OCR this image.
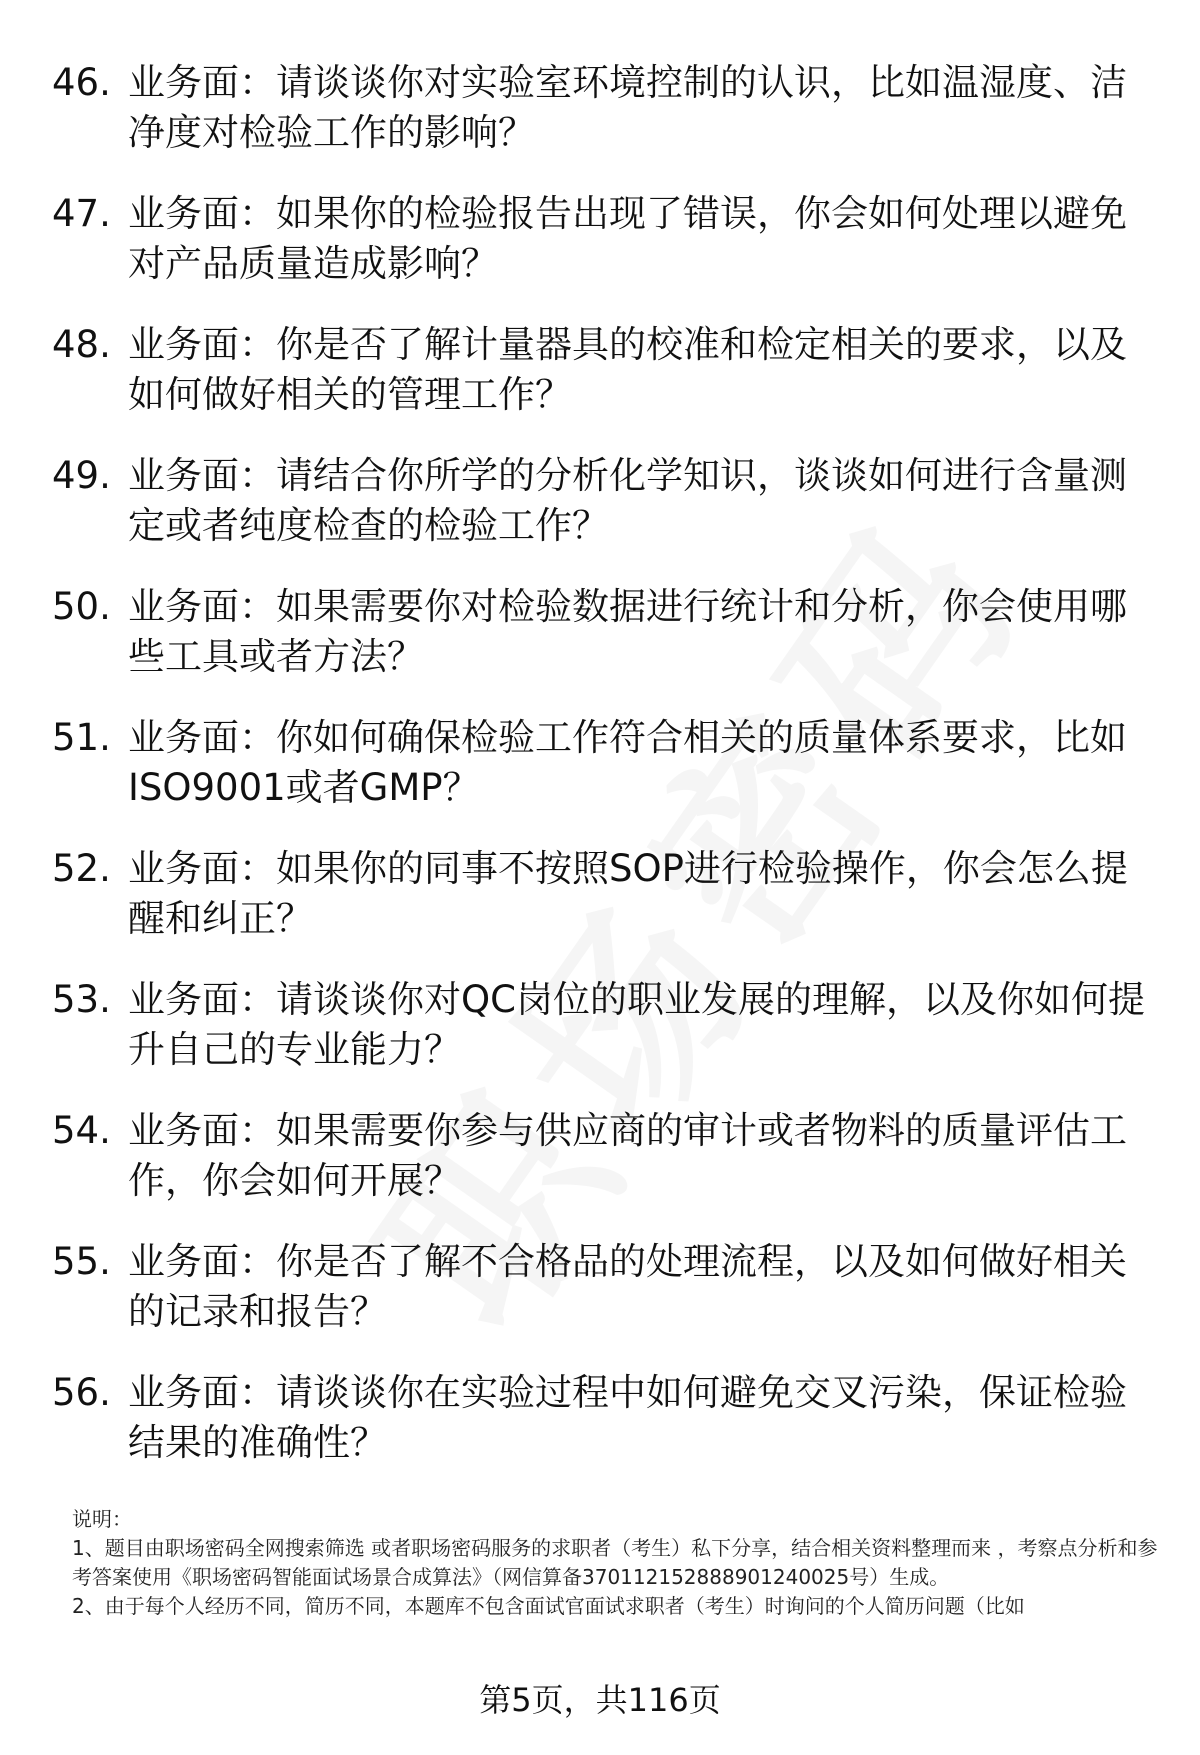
46. 业务面：请谈谈你对实验室环境控制的认识，比如温湿度、洁净度对检验工作的影响？
47. 业务面：如果你的检验报告出现了错误，你会如何处理以避免对产品质量造成影响？
48. 业务面：你是否了解计量器具的校准和检定相关的要求，以及如何做好相关的管理工作？
49. 业务面：请结合你所学的分析化学知识，谈谈如何进行含量测定或者纯度检查的检验工作？
50. 业务面：如果需要你对检验数据进行统计和分析，你会使用哪些工具或者方法？
51. 业务面：你如何确保检验工作符合相关的质量体系要求，比如ISO9001或者GMP？
52. 业务面：如果你的同事不按照SOP进行检验操作，你会怎么提醒和纠正？
53. 业务面：请谈谈你对QC岗位的职业发展的理解，以及你如何提升自己的专业能力？
54. 业务面：如果需要你参与供应商的审计或者物料的质量评估工作，你会如何开展？
55. 业务面：你是否了解不合格品的处理流程，以及如何做好相关的记录和报告？
56. 业务面：请谈谈你在实验过程中如何避免交叉污染，保证检验结果的准确性？

说明：

1、题目由职场密码全网搜索筛选 或者职场密码服务的求职者（考生）私下分享，结合相关资料整理而来 ，考察点分析和参考答案使用《职场密码智能面试场景合成算法》（网信算备370112152888901240025号）生成。

2、由于每个人经历不同，简历不同，本题库不包含面试官面试求职者（考生）时询问的个人简历问题（比如

第5页，共116页
